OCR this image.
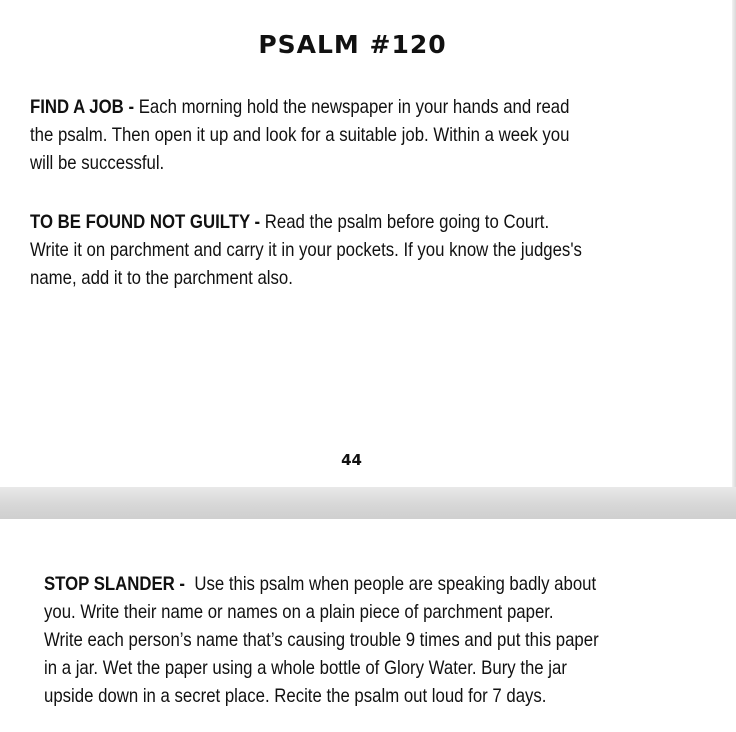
PSALM #120

FIND A JOB - Each morning hold the newspaper in your hands and read
the psalm. Then open it up and look for a suitable job. Within a week you
will be successful.

TO BE FOUND NOT GUILTY - Read the psalm before going to Court.
Write it on parchment and carry it in your pockets. If you know the judges's
name, add it to the parchment also.

44

STOP SLANDER - Use this psalm when people are speaking badly about
you. Write their name or names on a plain piece of parchment paper.
Write each person’s name that’s causing trouble 9 times and put this paper
in a jar. Wet the paper using a whole bottle of Glory Water. Bury the jar
upside down in a secret place. Recite the psalm out loud for 7 days.
